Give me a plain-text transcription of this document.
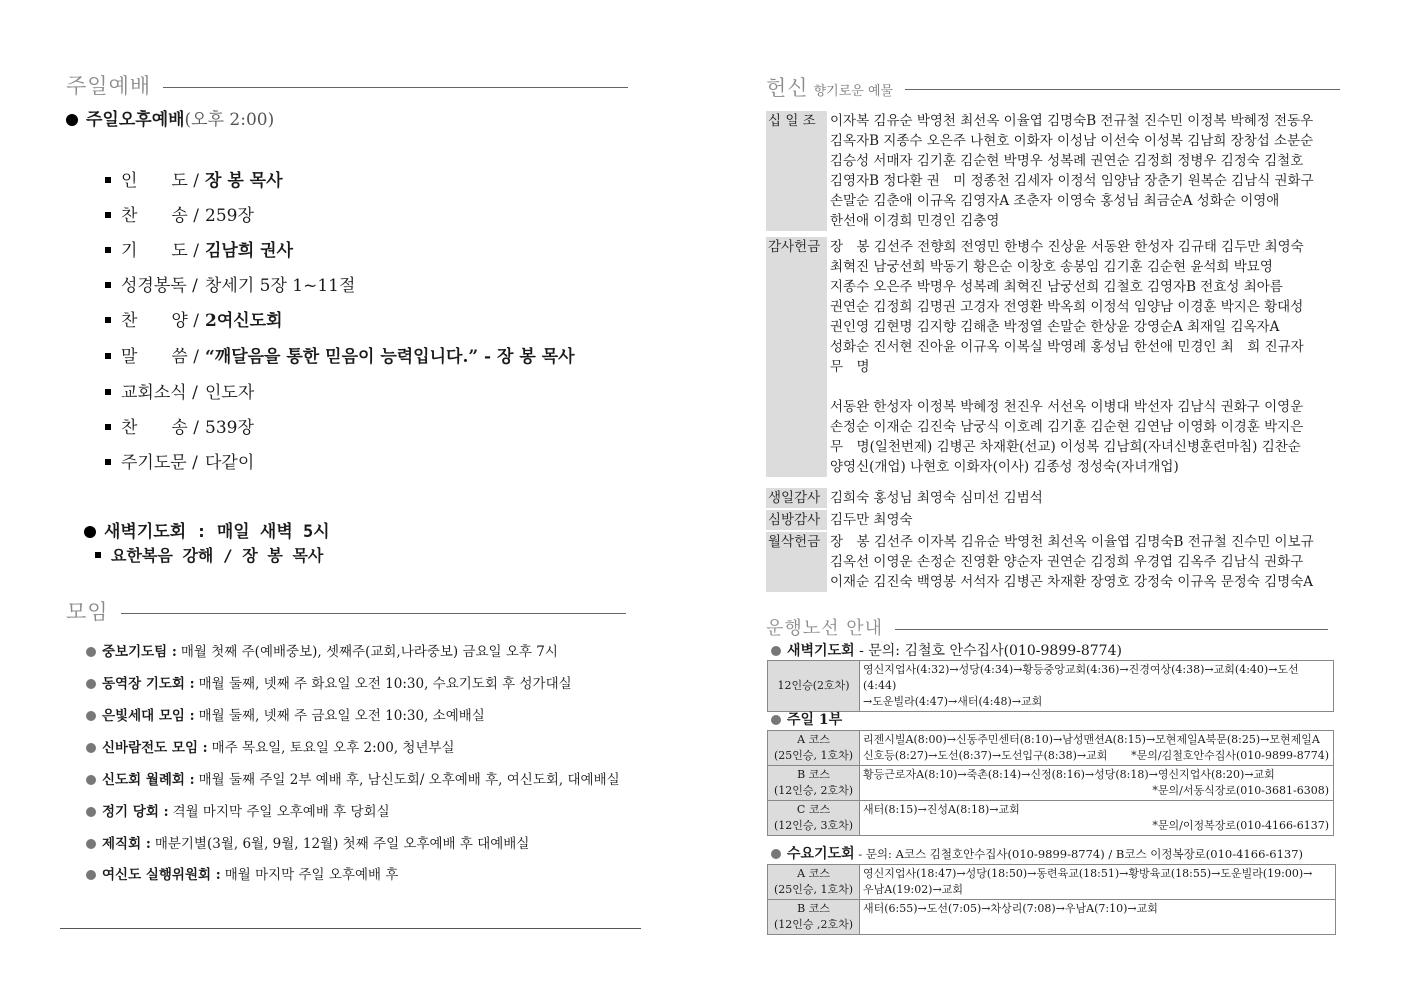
주일예배
주일오후예배(오후 2:00)
인　　도 / 장 봉 목사
찬　　송 / 259장
기　　도 / 김남희 권사
성경봉독 / 창세기 5장 1~11절
찬　　양 / 2여신도회
말　　씀 / “깨달음을 통한 믿음이 능력입니다.” - 장 봉 목사
교회소식 / 인도자
찬　　송 / 539장
주기도문 / 다같이
새벽기도회 : 매일 새벽 5시
요한복음 강해 / 장 봉 목사
모임
중보기도팀 : 매월 첫째 주(예배중보), 셋째주(교회,나라중보) 금요일 오후 7시
동역장 기도회 : 매월 둘째, 넷째 주 화요일 오전 10:30, 수요기도회 후 성가대실
은빛세대 모임 : 매월 둘째, 넷째 주 금요일 오전 10:30, 소예배실
신바람전도 모임 : 매주 목요일, 토요일 오후 2:00, 청년부실
신도회 월례회 : 매월 둘째 주일 2부 예배 후, 남신도회/ 오후예배 후, 여신도회, 대예배실
정기 당회 : 격월 마지막 주일 오후예배 후 당회실
제직회 : 매분기별(3월, 6월, 9월, 12월) 첫째 주일 오후예배 후 대예배실
여신도 실행위원회 : 매월 마지막 주일 오후예배 후
헌신 향기로운 예물
십 일 조	이자복 김유순 박영천 최선옥 이율엽 김명숙B 전규철 진수민 이정복 박혜정 전동우
김옥자B 지종수 오은주 나현호 이화자 이성남 이선숙 이성복 김남희 장창섭 소분순
김승성 서매자 김기훈 김순현 박명우 성복례 권연순 김정희 정병우 김정숙 김철호
김영자B 정다환 권　미 정종천 김세자 이정석 임양남 장춘기 원복순 김남식 권화구
손말순 김춘애 이규옥 김영자A 조춘자 이영숙 홍성님 최금순A 성화순 이영애
한선애 이경희 민경인 김충영
감사헌금 장　봉 김선주 전향희 전영민 한병수 진상윤 서동완 한성자 김규태 김두만 최영숙
최혁진 남궁선희 박동기 황은순 이창호 송봉임 김기훈 김순현 윤석희 박묘영
지종수 오은주 박명우 성복례 최혁진 남궁선희 김철호 김영자B 전효성 최아름
권연순 김정희 김명권 고경자 전영환 박옥희 이정석 임양남 이경훈 박지은 황대성
권인영 김현명 김지향 김해춘 박정열 손말순 한상윤 강영순A 최재일 김옥자A
성화순 진서현 진아윤 이규옥 이복실 박영례 홍성님 한선애 민경인 최　희 진규자
무　명

서동완 한성자 이정복 박혜정 천진우 서선옥 이병대 박선자 김남식 권화구 이영운
손정순 이재순 김진숙 남궁식 이호례 김기훈 김순현 김연남 이영화 이경훈 박지은
무　명(일천번제) 김병곤 차재환(선교) 이성복 김남희(자녀신병훈련마침) 김찬순
양영신(개업) 나현호 이화자(이사) 김종성 정성숙(자녀개업)
생일감사 김희숙 홍성님 최영숙 심미선 김범석
심방감사 김두만 최영숙
월삭헌금 장　봉 김선주 이자복 김유순 박영천 최선옥 이율엽 김명숙B 전규철 진수민 이보규
김옥선 이영운 손정순 진영환 양순자 권연순 김정희 우경엽 김옥주 김남식 권화구
이재순 김진숙 백영봉 서석자 김병곤 차재환 장영호 강정숙 이규옥 문정숙 김명숙A
운행노선 안내
새벽기도회 - 문의: 김철호 안수집사(010-9899-8774)
12인승(2호차)
영신지업사(4:32)→성당(4:34)→황등중앙교회(4:36)→진경여상(4:38)→교회(4:40)→도선(4:44)
→도운빌라(4:47)→새터(4:48)→교회
주일 1부
A 코스
(25인승, 1호차)
리젠시빌A(8:00)→신동주민센터(8:10)→남성맨션A(8:15)→모현제일A북문(8:25)→모현제일A
신호등(8:27)→도선(8:37)→도선입구(8:38)→교회 *문의/김철호안수집사(010-9899-8774)
B 코스
(12인승, 2호차)
황등근로자A(8:10)→죽촌(8:14)→신정(8:16)→성당(8:18)→영신지업사(8:20)→교회

*문의/서동식장로(010-3681-6308)
C 코스
(12인승, 3호차)
새터(8:15)→진성A(8:18)→교회
*문의/이정복장로(010-4166-6137)
수요기도회 - 문의: A코스 김철호안수집사(010-9899-8774) / B코스 이정복장로(010-4166-6137)
A 코스
(25인승, 1호차)
영신지업사(18:47)→성당(18:50)→동련육교(18:51)→황방육교(18:55)→도운빌라(19:00)→
우남A(19:02)→교회
B 코스
(12인승 ,2호차)
새터(6:55)→도선(7:05)→차상리(7:08)→우남A(7:10)→교회
